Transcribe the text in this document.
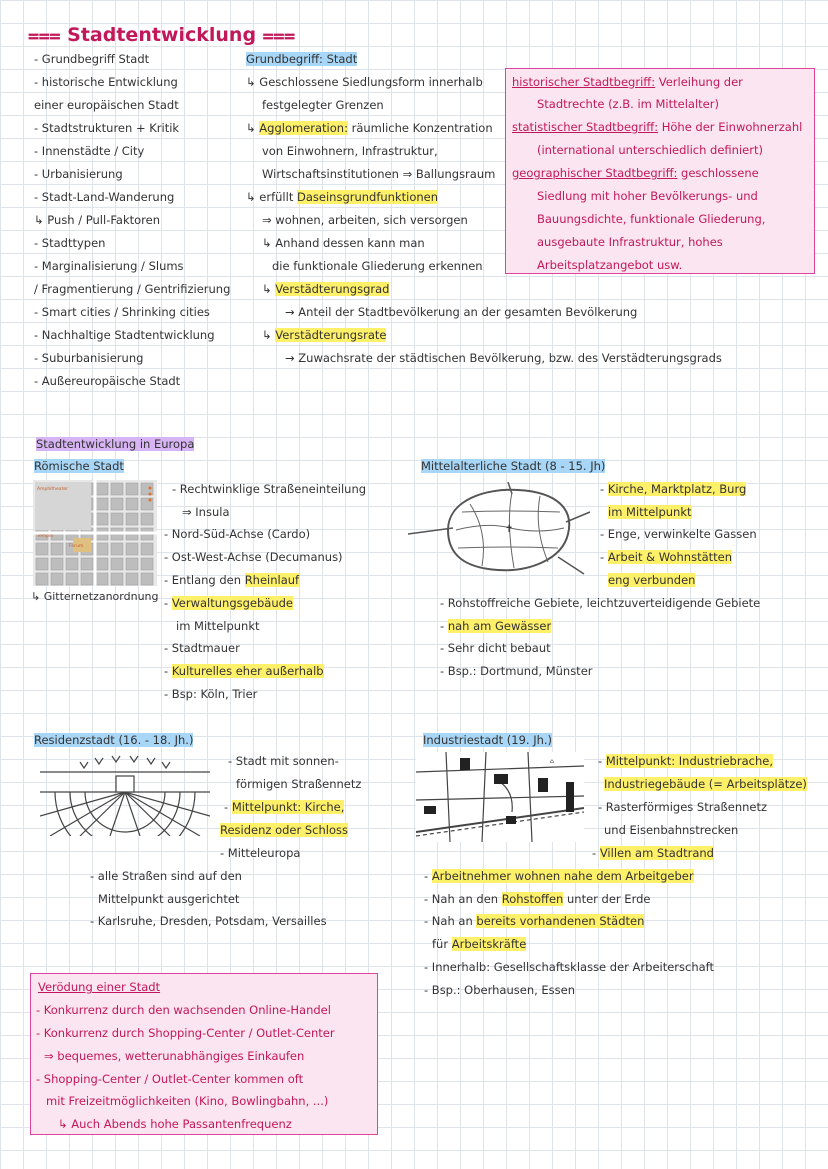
⩶ Stadtentwicklung ⩶
- Grundbegriff Stadt
- historische Entwicklung
einer europäischen Stadt
- Stadtstrukturen + Kritik
- Innenstädte / City
- Urbanisierung
- Stadt-Land-Wanderung
↳ Push / Pull-Faktoren
- Stadttypen
- Marginalisierung / Slums
/ Fragmentierung / Gentrifizierung
- Smart cities / Shrinking cities
- Nachhaltige Stadtentwicklung
- Suburbanisierung
- Außereuropäische Stadt
Grundbegriff: Stadt
↳ Geschlossene Siedlungsform innerhalb
festgelegter Grenzen
↳ Agglomeration: räumliche Konzentration
von Einwohnern, Infrastruktur,
Wirtschaftsinstitutionen ⇒ Ballungsraum
↳ erfüllt Daseinsgrundfunktionen
⇒ wohnen, arbeiten, sich versorgen
↳ Anhand dessen kann man
die funktionale Gliederung erkennen
↳ Verstädterungsgrad
→ Anteil der Stadtbevölkerung an der gesamten Bevölkerung
↳ Verstädterungsrate
→ Zuwachsrate der städtischen Bevölkerung, bzw. des Verstädterungsgrads
historischer Stadtbegriff: Verleihung der
Stadtrechte (z.B. im Mittelalter)
statistischer Stadtbegriff: Höhe der Einwohnerzahl
(international unterschiedlich definiert)
geographischer Stadtbegriff: geschlossene
Siedlung mit hoher Bevölkerungs- und
Bauungsdichte, funktionale Gliederung,
ausgebaute Infrastruktur, hohes
Arbeitsplatzangebot usw.
Stadtentwicklung in Europa
Römische Stadt
Amphitheater
Forum
Tempel
↳ Gitternetzanordnung
- Rechtwinklige Straßeneinteilung
⇒ Insula
- Nord-Süd-Achse (Cardo)
- Ost-West-Achse (Decumanus)
- Entlang den Rheinlauf
- Verwaltungsgebäude
im Mittelpunkt
- Stadtmauer
- Kulturelles eher außerhalb
- Bsp: Köln, Trier
Mittelalterliche Stadt (8 - 15. Jh)
✝
- Kirche, Marktplatz, Burg
im Mittelpunkt
- Enge, verwinkelte Gassen
- Arbeit & Wohnstätten
eng verbunden
- Rohstoffreiche Gebiete, leichtzuverteidigende Gebiete
- nah am Gewässer
- Sehr dicht bebaut
- Bsp.: Dortmund, Münster
Residenzstadt (16. - 18. Jh.)
- Stadt mit sonnen-
förmigen Straßennetz
- Mittelpunkt: Kirche,
Residenz oder Schloss
- Mitteleuropa
- alle Straßen sind auf den
Mittelpunkt ausgerichtet
- Karlsruhe, Dresden, Potsdam, Versailles
Industriestadt (19. Jh.)
⌂	- Mittelpunkt: Industriebrache,
Industriegebäude (= Arbeitsplätze)
- Rasterförmiges Straßennetz
und Eisenbahnstrecken
- Villen am Stadtrand
- Arbeitnehmer wohnen nahe dem Arbeitgeber
- Nah an den Rohstoffen unter der Erde
- Nah an bereits vorhandenen Städten
für Arbeitskräfte
- Innerhalb: Gesellschaftsklasse der Arbeiterschaft
- Bsp.: Oberhausen, Essen
Verödung einer Stadt
- Konkurrenz durch den wachsenden Online-Handel
- Konkurrenz durch Shopping-Center / Outlet-Center
⇒ bequemes, wetterunabhängiges Einkaufen
- Shopping-Center / Outlet-Center kommen oft
mit Freizeitmöglichkeiten (Kino, Bowlingbahn, ...)
↳ Auch Abends hohe Passantenfrequenz
